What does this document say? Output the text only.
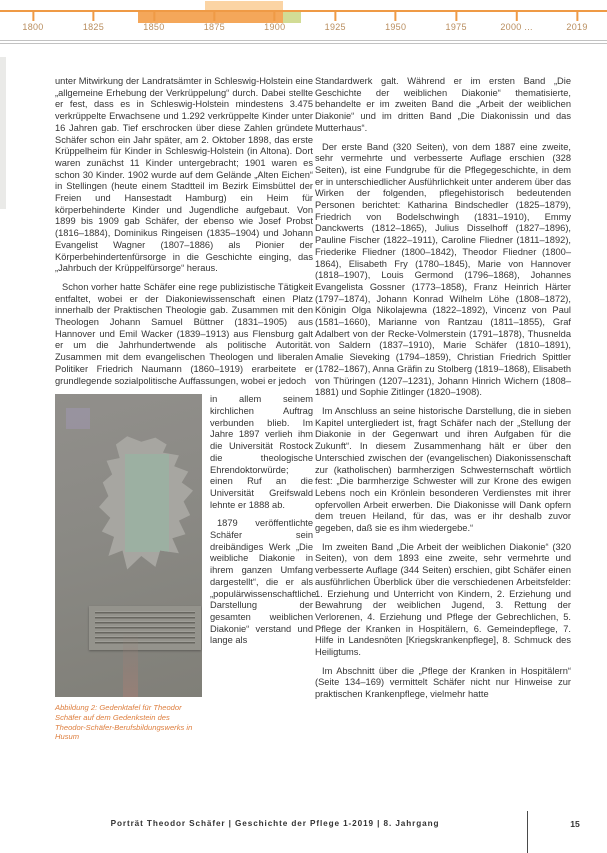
1800	1825	1850	1875	1900	1925	1950	1975	2000 ...	2019

unter Mitwirkung der Landratsämter in Schleswig-Holstein eine „allgemeine Erhebung der Verkrüppelung“ durch. Dabei stellte er fest, dass es in Schleswig-Holstein mindestens 3.475 verkrüppelte Erwachsene und 1.292 verkrüppelte Kinder unter 16 Jahren gab. Tief erschrocken über diese Zahlen gründete Schäfer schon ein Jahr später, am 2. Oktober 1898, das erste Krüppelheim für Kinder in Schleswig-Holstein (in Altona). Dort waren zunächst 11 Kinder untergebracht; 1901 waren es schon 30 Kinder. 1902 wurde auf dem Gelände „Alten Eichen“ in Stellingen (heute einem Stadtteil im Bezirk Eimsbüttel der Freien und Hansestadt Hamburg) ein Heim für körperbehinderte Kinder und Jugendliche aufgebaut. Von 1899 bis 1909 gab Schäfer, der ebenso wie Josef Probst (1816–1884), Dominikus Ringeisen (1835–1904) und Johann Evangelist Wagner (1807–1886) als Pionier der Körperbehindertenfürsorge in die Geschichte einging, das „Jahrbuch der Krüppelfürsorge“ heraus.

Schon vorher hatte Schäfer eine rege publizistische Tätigkeit entfaltet, wobei er der Diakoniewissenschaft einen Platz innerhalb der Praktischen Theologie gab. Zusammen mit den Theologen Johann Samuel Büttner (1831–1905) aus Hannover und Emil Wacker (1839–1913) aus Flensburg galt er um die Jahrhundertwende als politische Autorität. Zusammen mit dem evangelischen Theologen und liberalen Politiker Friedrich Naumann (1860–1919) erarbeitete er grundlegende sozialpolitische Auffassungen, wobei er jedoch

Abbildung 2: Gedenktafel für Theodor Schäfer auf dem Gedenkstein des Theodor-Schäfer-Berufsbildungswerks in Husum

in allem seinem kirchlichen Auftrag verbunden blieb. Im Jahre 1897 verlieh ihm die Universität Rostock die theologische Ehrendoktorwürde; einen Ruf an die Universität Greifswald lehnte er 1888 ab.

1879 veröffentlichte Schäfer sein dreibändiges Werk „Die weibliche Diakonie in ihrem ganzen Umfang dargestellt“, die er als „populärwissenschaftliche Darstellung der gesamten weiblichen Diakonie“ verstand und lange als

Standardwerk galt. Während er im ersten Band „Die Geschichte der weiblichen Diakonie“ thematisierte, behandelte er im zweiten Band die „Arbeit der weiblichen Diakonie“ und im dritten Band „Die Diakonissin und das Mutterhaus“.

Der erste Band (320 Seiten), von dem 1887 eine zweite, sehr vermehrte und verbesserte Auflage erschien (328 Seiten), ist eine Fundgrube für die Pflegegeschichte, in dem er in unterschiedlicher Ausführlichkeit unter anderem über das Wirken der folgenden, pflegehistorisch bedeutenden Personen berichtet: Katharina Bindschedler (1825–1879), Friedrich von Bodelschwingh (1831–1910), Emmy Danckwerts (1812–1865), Julius Disselhoff (1827–1896), Pauline Fischer (1822–1911), Caroline Fliedner (1811–1892), Friederike Fliedner (1800–1842), Theodor Fliedner (1800–1864), Elisabeth Fry (1780–1845), Marie von Hannover (1818–1907), Louis Germond (1796–1868), Johannes Evangelista Gossner (1773–1858), Franz Heinrich Härter (1797–1874), Johann Konrad Wilhelm Löhe (1808–1872), Königin Olga Nikolajewna (1822–1892), Vincenz von Paul (1581–1660), Marianne von Rantzau (1811–1855), Graf Adalbert von der Recke-Volmerstein (1791–1878), Thusnelda von Saldern (1837–1910), Marie Schäfer (1810–1891), Amalie Sieveking (1794–1859), Christian Friedrich Spittler (1782–1867), Anna Gräfin zu Stolberg (1819–1868), Elisabeth von Thüringen (1207–1231), Johann Hinrich Wichern (1808–1881) und Sophie Zitlinger (1820–1908).

Im Anschluss an seine historische Darstellung, die in sieben Kapitel untergliedert ist, fragt Schäfer nach der „Stellung der Diakonie in der Gegenwart und ihren Aufgaben für die Zukunft“. In diesem Zusammenhang hält er über den Unterschied zwischen der (evangelischen) Diakonissenschaft zur (katholischen) barmherzigen Schwesternschaft wörtlich fest: „Die barmherzige Schwester will zur Krone des ewigen Lebens noch ein Krönlein besonderen Verdienstes mit ihrer opfervollen Arbeit erwerben. Die Diakonisse will Dank opfern dem treuen Heiland, für das, was er ihr deshalb zuvor gegeben, daß sie es ihm wiedergebe.“

Im zweiten Band „Die Arbeit der weiblichen Diakonie“ (320 Seiten), von dem 1893 eine zweite, sehr vermehrte und verbesserte Auflage (344 Seiten) erschien, gibt Schäfer einen ausführlichen Überblick über die verschiedenen Arbeitsfelder: 1. Erziehung und Unterricht von Kindern, 2. Erziehung und Bewahrung der weiblichen Jugend, 3. Rettung der Verlorenen, 4. Erziehung und Pflege der Gebrechlichen, 5. Pflege der Kranken in Hospitälern, 6. Gemeindepflege, 7. Hilfe in Landesnöten [Kriegskrankenpflege], 8. Schmuck des Heiligtums.

Im Abschnitt über die „Pflege der Kranken in Hospitälern“ (Seite 134–169) vermittelt Schäfer nicht nur Hinweise zur praktischen Krankenpflege, vielmehr hatte

Porträt Theodor Schäfer | Geschichte der Pflege 1-2019 | 8. Jahrgang	15
